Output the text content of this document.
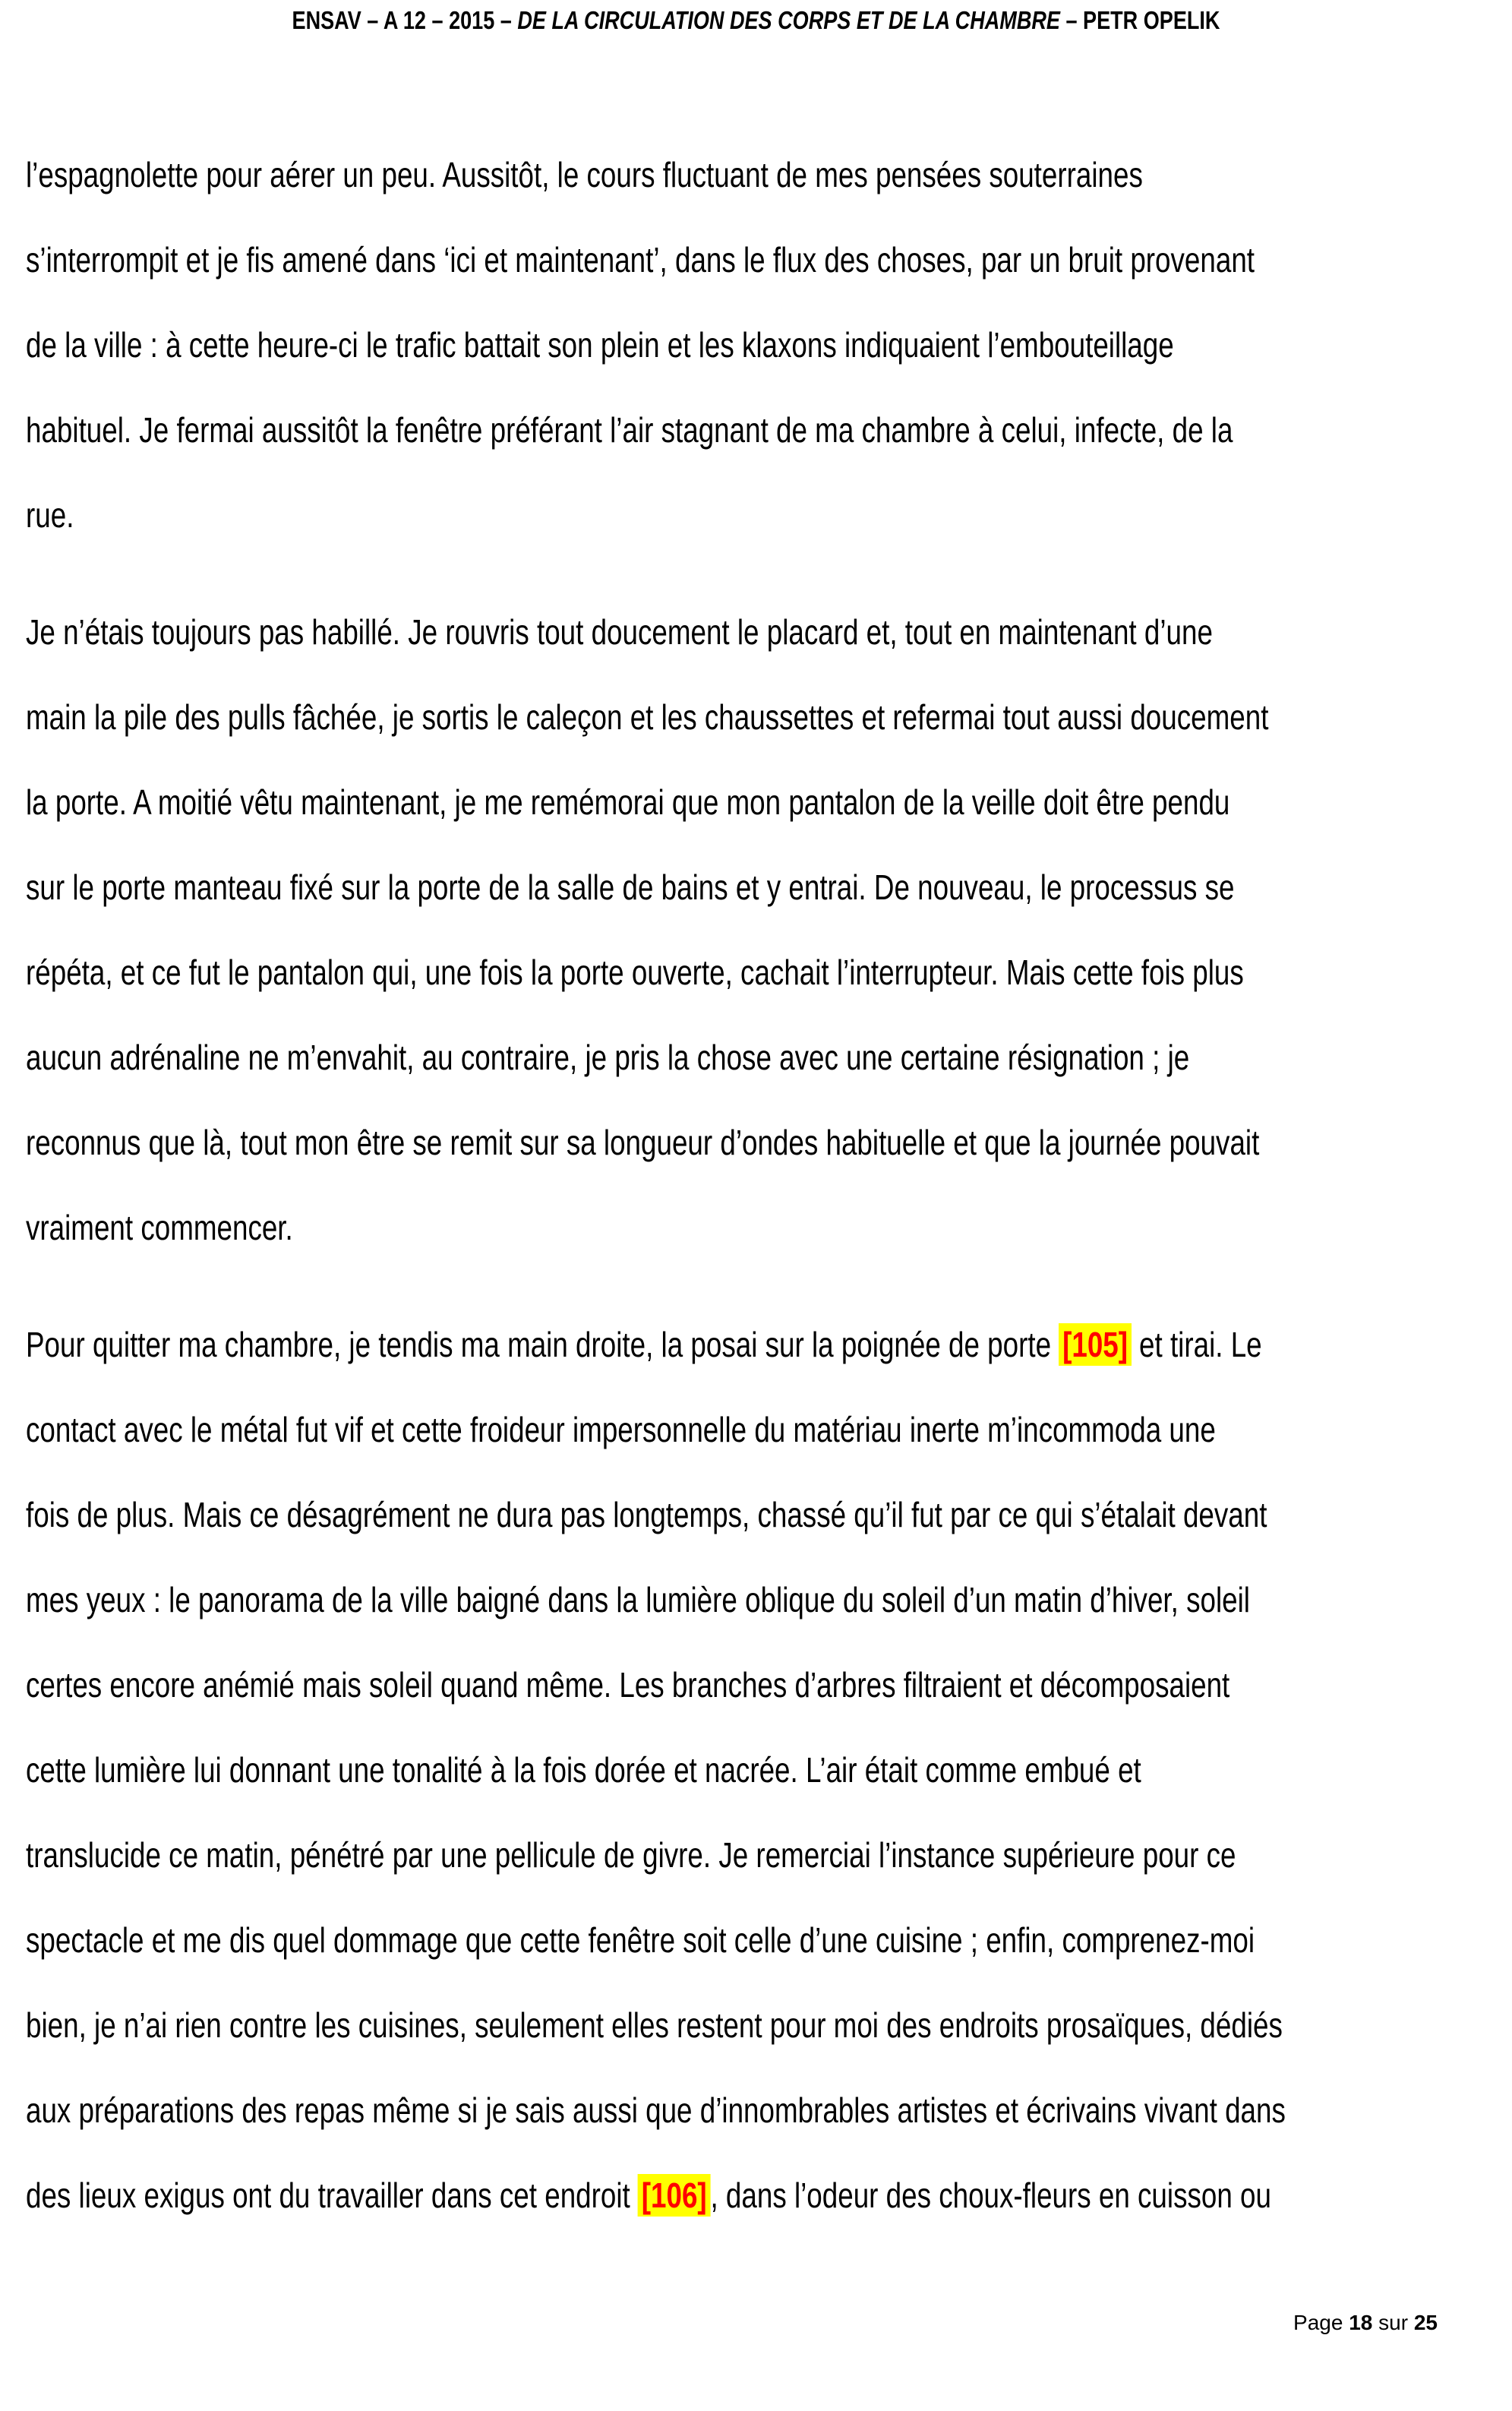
ENSAV – A 12 – 2015 – DE LA CIRCULATION DES CORPS ET DE LA CHAMBRE – PETR OPELIK
l’espagnolette pour aérer un peu. Aussitôt, le cours fluctuant de mes pensées souterraines
s’interrompit et je fis amené dans ‘ici et maintenant’, dans le flux des choses, par un bruit provenant
de la ville : à cette heure-ci le trafic battait son plein et les klaxons indiquaient l’embouteillage
habituel. Je fermai aussitôt la fenêtre préférant l’air stagnant de ma chambre à celui, infecte, de la
rue.
Je n’étais toujours pas habillé. Je rouvris tout doucement le placard et, tout en maintenant d’une
main la pile des pulls fâchée, je sortis le caleçon et les chaussettes et refermai tout aussi doucement
la porte. A moitié vêtu maintenant, je me remémorai que mon pantalon de la veille doit être pendu
sur le porte manteau fixé sur la porte de la salle de bains et y entrai. De nouveau, le processus se
répéta, et ce fut le pantalon qui, une fois la porte ouverte, cachait l’interrupteur. Mais cette fois plus
aucun adrénaline ne m’envahit, au contraire, je pris la chose avec une certaine résignation ; je
reconnus que là, tout mon être se remit sur sa longueur d’ondes habituelle et que la journée pouvait
vraiment commencer.
Pour quitter ma chambre, je tendis ma main droite, la posai sur la poignée de porte [105] et tirai. Le
contact avec le métal fut vif et cette froideur impersonnelle du matériau inerte m’incommoda une
fois de plus. Mais ce désagrément ne dura pas longtemps, chassé qu’il fut par ce qui s’étalait devant
mes yeux : le panorama de la ville baigné dans la lumière oblique du soleil d’un matin d’hiver, soleil
certes encore anémié mais soleil quand même. Les branches d’arbres filtraient et décomposaient
cette lumière lui donnant une tonalité à la fois dorée et nacrée. L’air était comme embué et
translucide ce matin, pénétré par une pellicule de givre. Je remerciai l’instance supérieure pour ce
spectacle et me dis quel dommage que cette fenêtre soit celle d’une cuisine ; enfin, comprenez-moi
bien, je n’ai rien contre les cuisines, seulement elles restent pour moi des endroits prosaïques, dédiés
aux préparations des repas même si je sais aussi que d’innombrables artistes et écrivains vivant dans
des lieux exigus ont du travailler dans cet endroit [106] , dans l’odeur des choux-fleurs en cuisson ou
Page 18 sur 25
